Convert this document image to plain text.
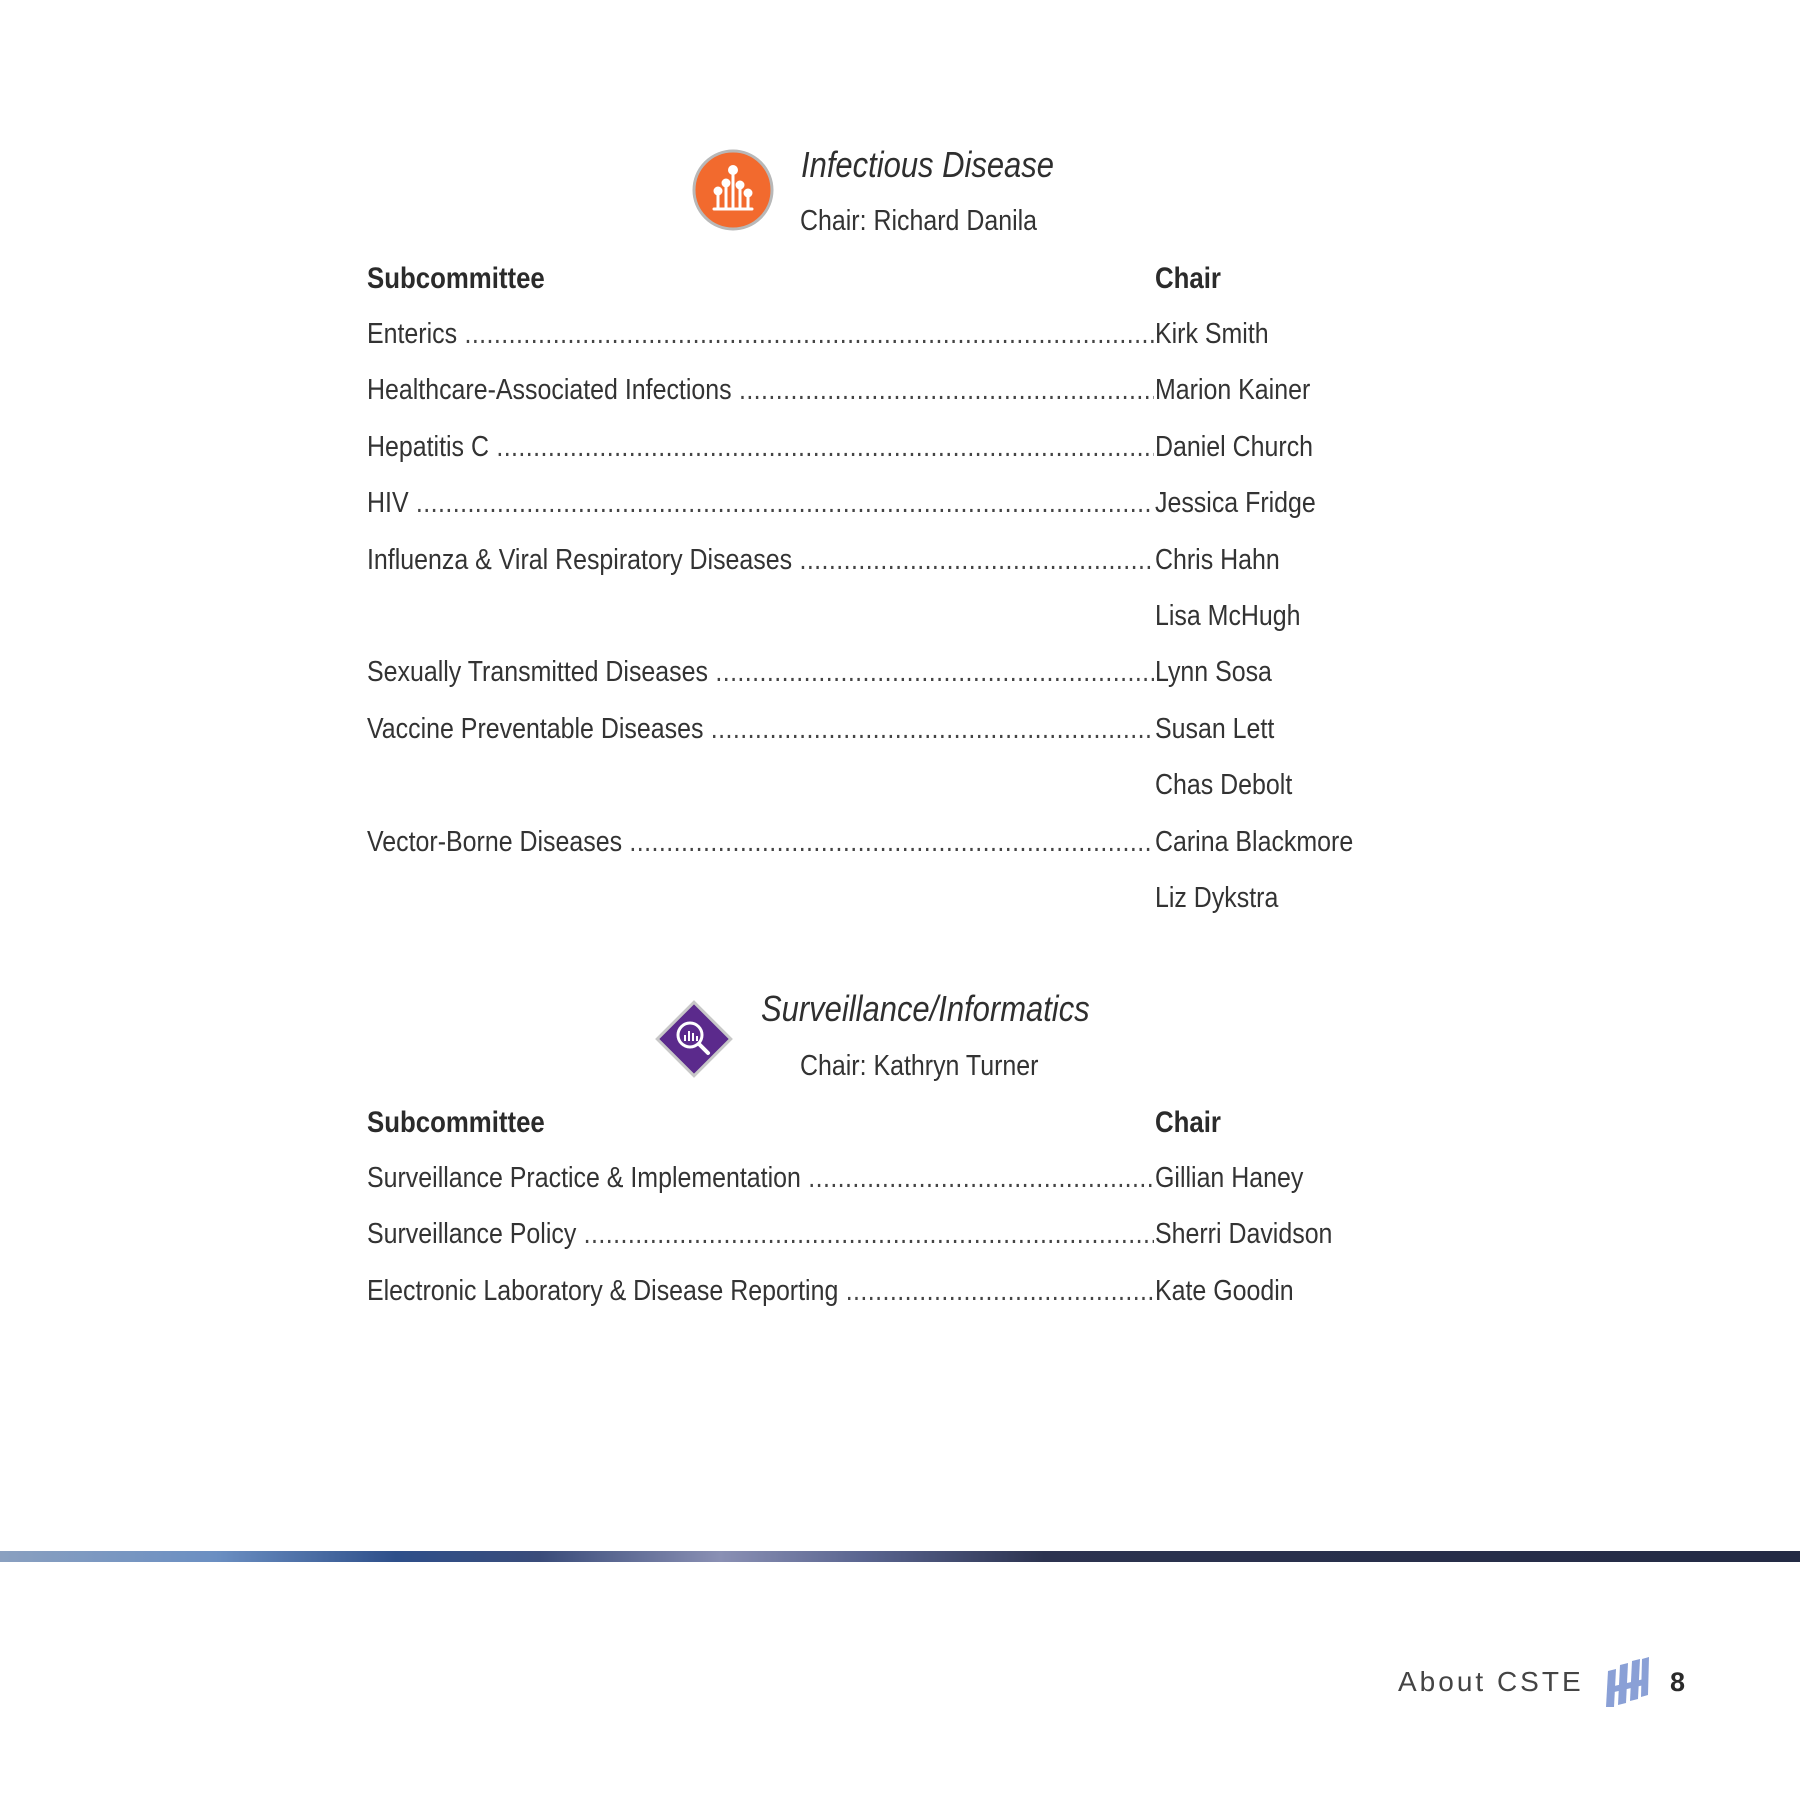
Infectious Disease
Chair: Richard Danila
Subcommittee	Chair
Enterics .....	Kirk Smith
Healthcare-Associated Infections .....	Marion Kainer
Hepatitis C .....	Daniel Church
HIV .....	Jessica Fridge
Influenza & Viral Respiratory Diseases .....	Chris Hahn
Lisa McHugh
Sexually Transmitted Diseases .....	Lynn Sosa
Vaccine Preventable Diseases .....	Susan Lett
Chas Debolt
Vector-Borne Diseases .....	Carina Blackmore
Liz Dykstra
Surveillance/Informatics
Chair: Kathryn Turner
Subcommittee	Chair
Surveillance Practice & Implementation .....	Gillian Haney
Surveillance Policy .....	Sherri Davidson
Electronic Laboratory & Disease Reporting .....	Kate Goodin
About CSTE	8
